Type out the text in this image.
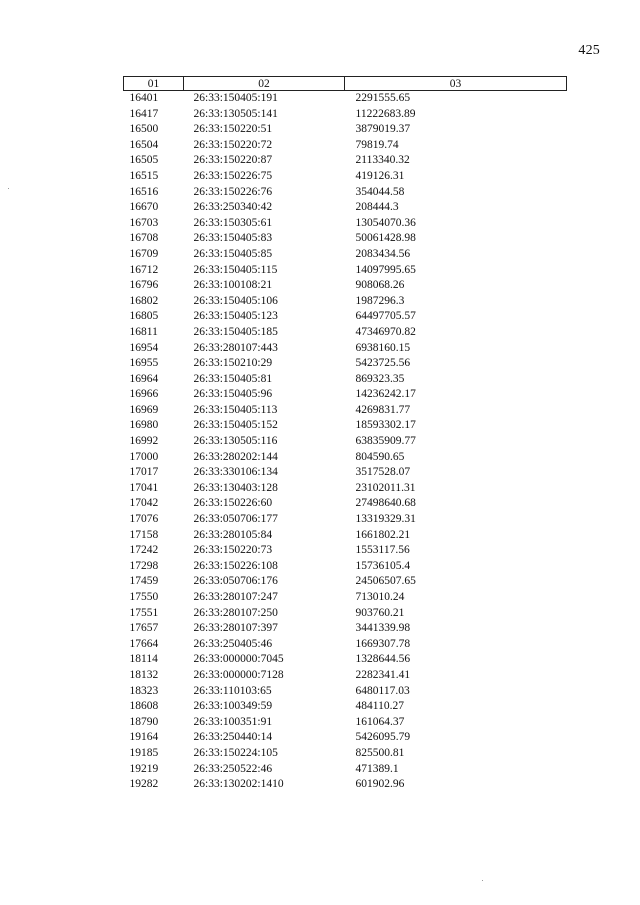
425
01	02	03
16401	26:33:150405:191	2291555.65
16417	26:33:130505:141	11222683.89
16500	26:33:150220:51	3879019.37
16504	26:33:150220:72	79819.74
16505	26:33:150220:87	2113340.32
16515	26:33:150226:75	419126.31
16516	26:33:150226:76	354044.58
16670	26:33:250340:42	208444.3
16703	26:33:150305:61	13054070.36
16708	26:33:150405:83	50061428.98
16709	26:33:150405:85	2083434.56
16712	26:33:150405:115	14097995.65
16796	26:33:100108:21	908068.26
16802	26:33:150405:106	1987296.3
16805	26:33:150405:123	64497705.57
16811	26:33:150405:185	47346970.82
16954	26:33:280107:443	6938160.15
16955	26:33:150210:29	5423725.56
16964	26:33:150405:81	869323.35
16966	26:33:150405:96	14236242.17
16969	26:33:150405:113	4269831.77
16980	26:33:150405:152	18593302.17
16992	26:33:130505:116	63835909.77
17000	26:33:280202:144	804590.65
17017	26:33:330106:134	3517528.07
17041	26:33:130403:128	23102011.31
17042	26:33:150226:60	27498640.68
17076	26:33:050706:177	13319329.31
17158	26:33:280105:84	1661802.21
17242	26:33:150220:73	1553117.56
17298	26:33:150226:108	15736105.4
17459	26:33:050706:176	24506507.65
17550	26:33:280107:247	713010.24
17551	26:33:280107:250	903760.21
17657	26:33:280107:397	3441339.98
17664	26:33:250405:46	1669307.78
18114	26:33:000000:7045	1328644.56
18132	26:33:000000:7128	2282341.41
18323	26:33:110103:65	6480117.03
18608	26:33:100349:59	484110.27
18790	26:33:100351:91	161064.37
19164	26:33:250440:14	5426095.79
19185	26:33:150224:105	825500.81
19219	26:33:250522:46	471389.1
19282	26:33:130202:1410	601902.96
